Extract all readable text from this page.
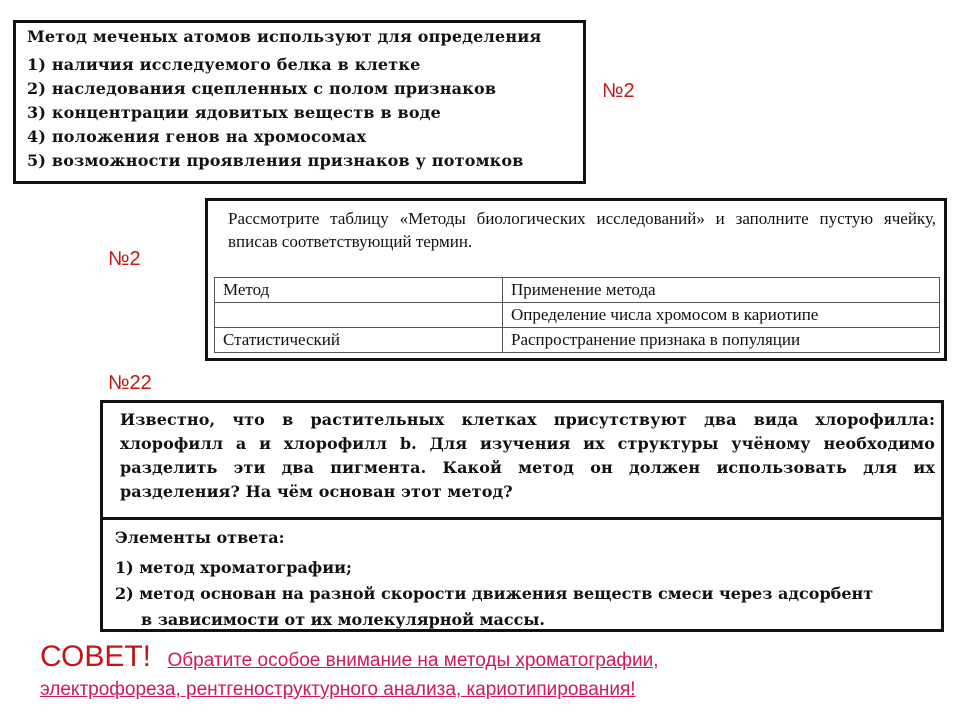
Метод меченых атомов используют для определения
1) наличия исследуемого белка в клетке
2) наследования сцепленных с полом признаков
3) концентрации ядовитых веществ в воде
4) положения генов на хромосомах
5) возможности проявления признаков у потомков
№2
№2
Рассмотрите таблицу «Методы биологических исследований» и заполните пустую ячейку, вписав соответствующий термин.
Метод	Применение метода
	Определение числа хромосом в кариотипе
Статистический	Распространение признака в популяции
№22
Известно, что в растительных клетках присутствуют два вида хлорофилла: хлорофилл a и хлорофилл b. Для изучения их структуры учёному необходимо разделить эти два пигмента. Какой метод он должен использовать для их разделения? На чём основан этот метод?
Элементы ответа:
1) метод хроматографии;
2) метод основан на разной скорости движения веществ смеси через адсорбент
в зависимости от их молекулярной массы.
СОВЕТ! Обратите особое внимание на методы хроматографии,
электрофореза, рентгеноструктурного анализа, кариотипирования!
